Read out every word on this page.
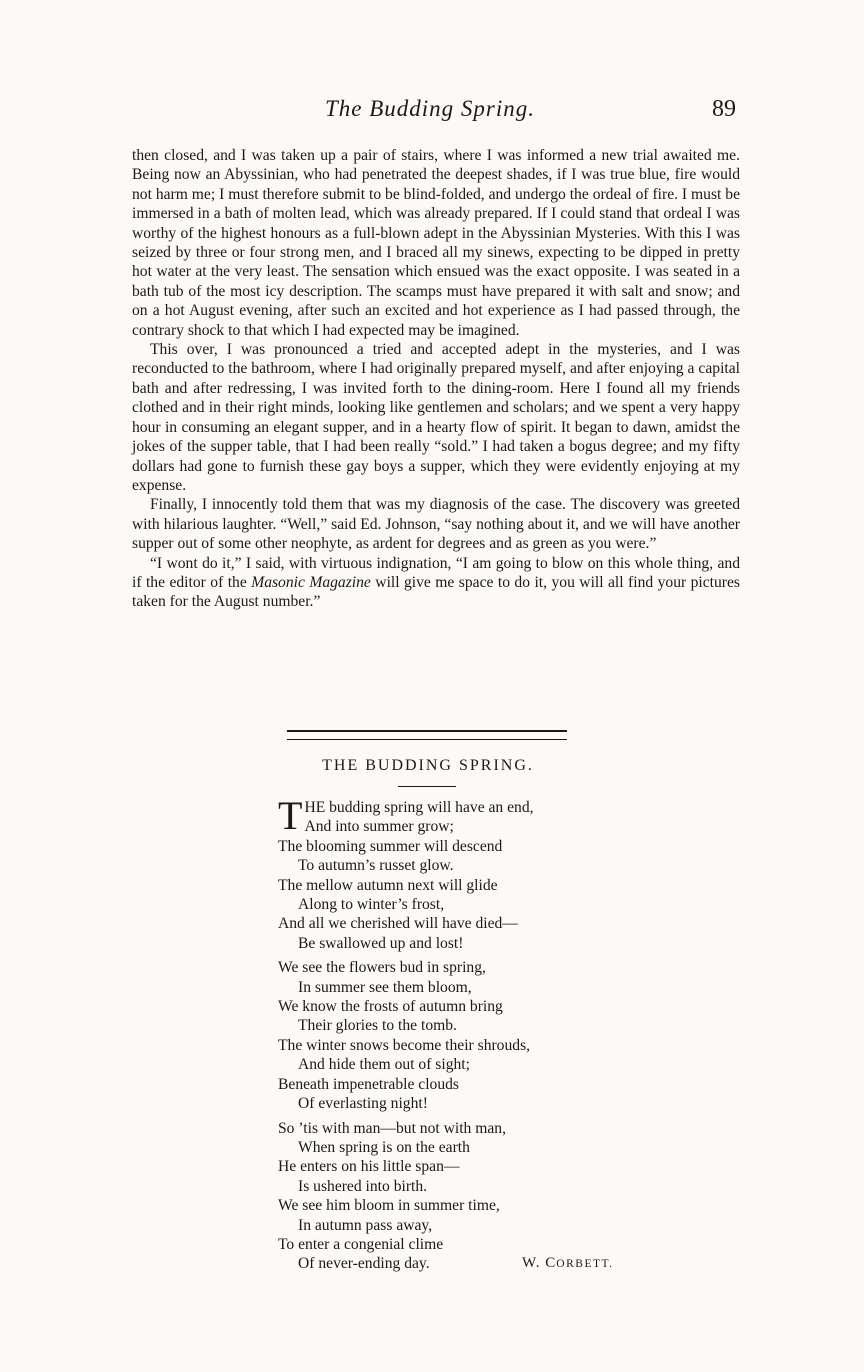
The Budding Spring.	89

then closed, and I was taken up a pair of stairs, where I was informed a new trial awaited me. Being now an Abyssinian, who had penetrated the deepest shades, if I was true blue, fire would not harm me; I must therefore submit to be blind-folded, and undergo the ordeal of fire. I must be immersed in a bath of molten lead, which was already prepared. If I could stand that ordeal I was worthy of the highest honours as a full-blown adept in the Abyssinian Mysteries. With this I was seized by three or four strong men, and I braced all my sinews, expecting to be dipped in pretty hot water at the very least. The sensation which ensued was the exact opposite. I was seated in a bath tub of the most icy description. The scamps must have prepared it with salt and snow; and on a hot August evening, after such an excited and hot experience as I had passed through, the contrary shock to that which I had expected may be imagined.

This over, I was pronounced a tried and accepted adept in the mysteries, and I was reconducted to the bathroom, where I had originally prepared myself, and after enjoying a capital bath and after redressing, I was invited forth to the dining-room. Here I found all my friends clothed and in their right minds, looking like gentlemen and scholars; and we spent a very happy hour in consuming an elegant supper, and in a hearty flow of spirit. It began to dawn, amidst the jokes of the supper table, that I had been really “sold.” I had taken a bogus degree; and my fifty dollars had gone to furnish these gay boys a supper, which they were evidently enjoying at my expense.

Finally, I innocently told them that was my diagnosis of the case. The discovery was greeted with hilarious laughter. “Well,” said Ed. Johnson, “say nothing about it, and we will have another supper out of some other neophyte, as ardent for degrees and as green as you were.”

“I wont do it,” I said, with virtuous indignation, “I am going to blow on this whole thing, and if the editor of the Masonic Magazine will give me space to do it, you will all find your pictures taken for the August number.”

THE BUDDING SPRING.
THE budding spring will have an end,
And into summer grow;
The blooming summer will descend
To autumn’s russet glow.
The mellow autumn next will glide
Along to winter’s frost,
And all we cherished will have died—
Be swallowed up and lost!
We see the flowers bud in spring,
In summer see them bloom,
We know the frosts of autumn bring
Their glories to the tomb.
The winter snows become their shrouds,
And hide them out of sight;
Beneath impenetrable clouds
Of everlasting night!
So ’tis with man—but not with man,
When spring is on the earth
He enters on his little span—
Is ushered into birth.
We see him bloom in summer time,
In autumn pass away,
To enter a congenial clime
Of never-ending day.	W. CORBETT.
